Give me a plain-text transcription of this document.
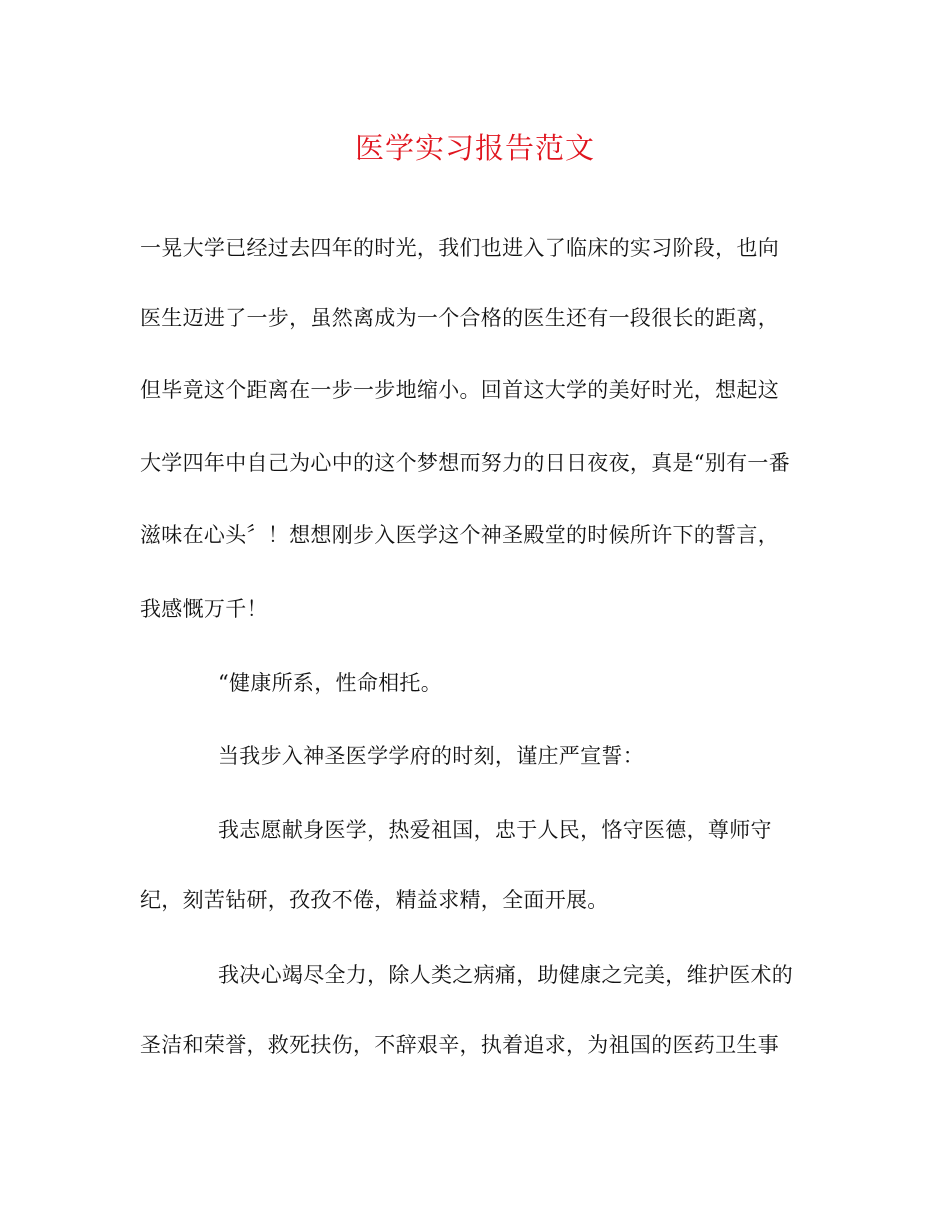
医学实习报告范文
一晃大学已经过去四年的时光，我们也进入了临床的实习阶段，也向
医生迈进了一步，虽然离成为一个合格的医生还有一段很长的距离，
但毕竟这个距离在一步一步地缩小。回首这大学的美好时光，想起这
大学四年中自己为心中的这个梦想而努力的日日夜夜，真是“别有一番
滋味在心头〞！想想刚步入医学这个神圣殿堂的时候所许下的誓言，
我感慨万千！
“健康所系，性命相托。
当我步入神圣医学学府的时刻，谨庄严宣誓：
我志愿献身医学，热爱祖国，忠于人民，恪守医德，尊师守
纪，刻苦钻研，孜孜不倦，精益求精，全面开展。
我决心竭尽全力，除人类之病痛，助健康之完美，维护医术的
圣洁和荣誉，救死扶伤，不辞艰辛，执着追求，为祖国的医药卫生事
